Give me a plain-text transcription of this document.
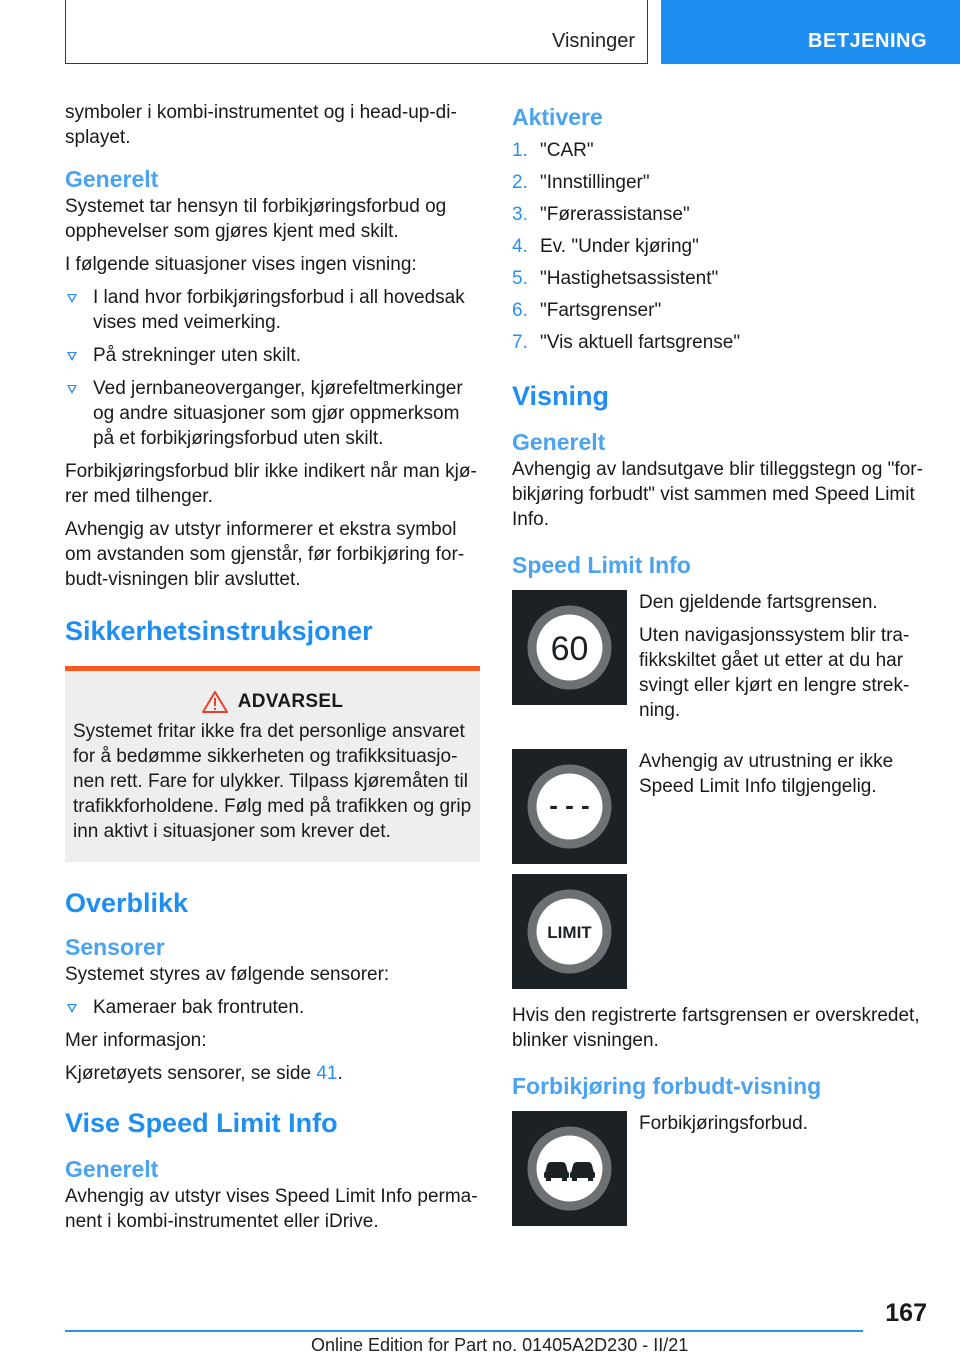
Visninger	BETJENING

symboler i kombi-instrumentet og i head-up-displayet.

Generelt

Systemet tar hensyn til forbikjøringsforbud og opphevelser som gjøres kjent med skilt.

I følgende situasjoner vises ingen visning:

I land hvor forbikjøringsforbud i all hovedsak vises med veimerking.
På strekninger uten skilt.
Ved jernbaneoverganger, kjørefeltmerkinger og andre situasjoner som gjør oppmerksom på et forbikjøringsforbud uten skilt.

Forbikjøringsforbud blir ikke indikert når man kjører med tilhenger.

Avhengig av utstyr informerer et ekstra symbol om avstanden som gjenstår, før forbikjøring forbudt-visningen blir avsluttet.

Sikkerhetsinstruksjoner
ADVARSEL

Systemet fritar ikke fra det personlige ansvaret for å bedømme sikkerheten og trafikksituasjonen rett. Fare for ulykker. Tilpass kjøremåten til trafikkforholdene. Følg med på trafikken og grip inn aktivt i situasjoner som krever det.

Overblikk
Sensorer

Systemet styres av følgende sensorer:

Kameraer bak frontruten.

Mer informasjon:

Kjøretøyets sensorer, se side 41.

Vise Speed Limit Info
Generelt

Avhengig av utstyr vises Speed Limit Info permanent i kombi-instrumentet eller iDrive.

Aktivere
1. "CAR"
2. "Innstillinger"
3. "Førerassistanse"
4. Ev. "Under kjøring"
5. "Hastighetsassistent"
6. "Fartsgrenser"
7. "Vis aktuell fartsgrense"
Visning
Generelt

Avhengig av landsutgave blir tilleggstegn og "forbikjøring forbudt" vist sammen med Speed Limit Info.

Speed Limit Info
60

Den gjeldende fartsgrensen.

Uten navigasjonssystem blir trafikkskiltet gået ut etter at du har svingt eller kjørt en lengre strekning.

- - -

Avhengig av utrustning er ikke Speed Limit Info tilgjengelig.

LIMIT

Hvis den registrerte fartsgrensen er overskredet, blinker visningen.

Forbikjøring forbudt-visning

Forbikjøringsforbud.

167
Online Edition for Part no. 01405A2D230 - II/21
